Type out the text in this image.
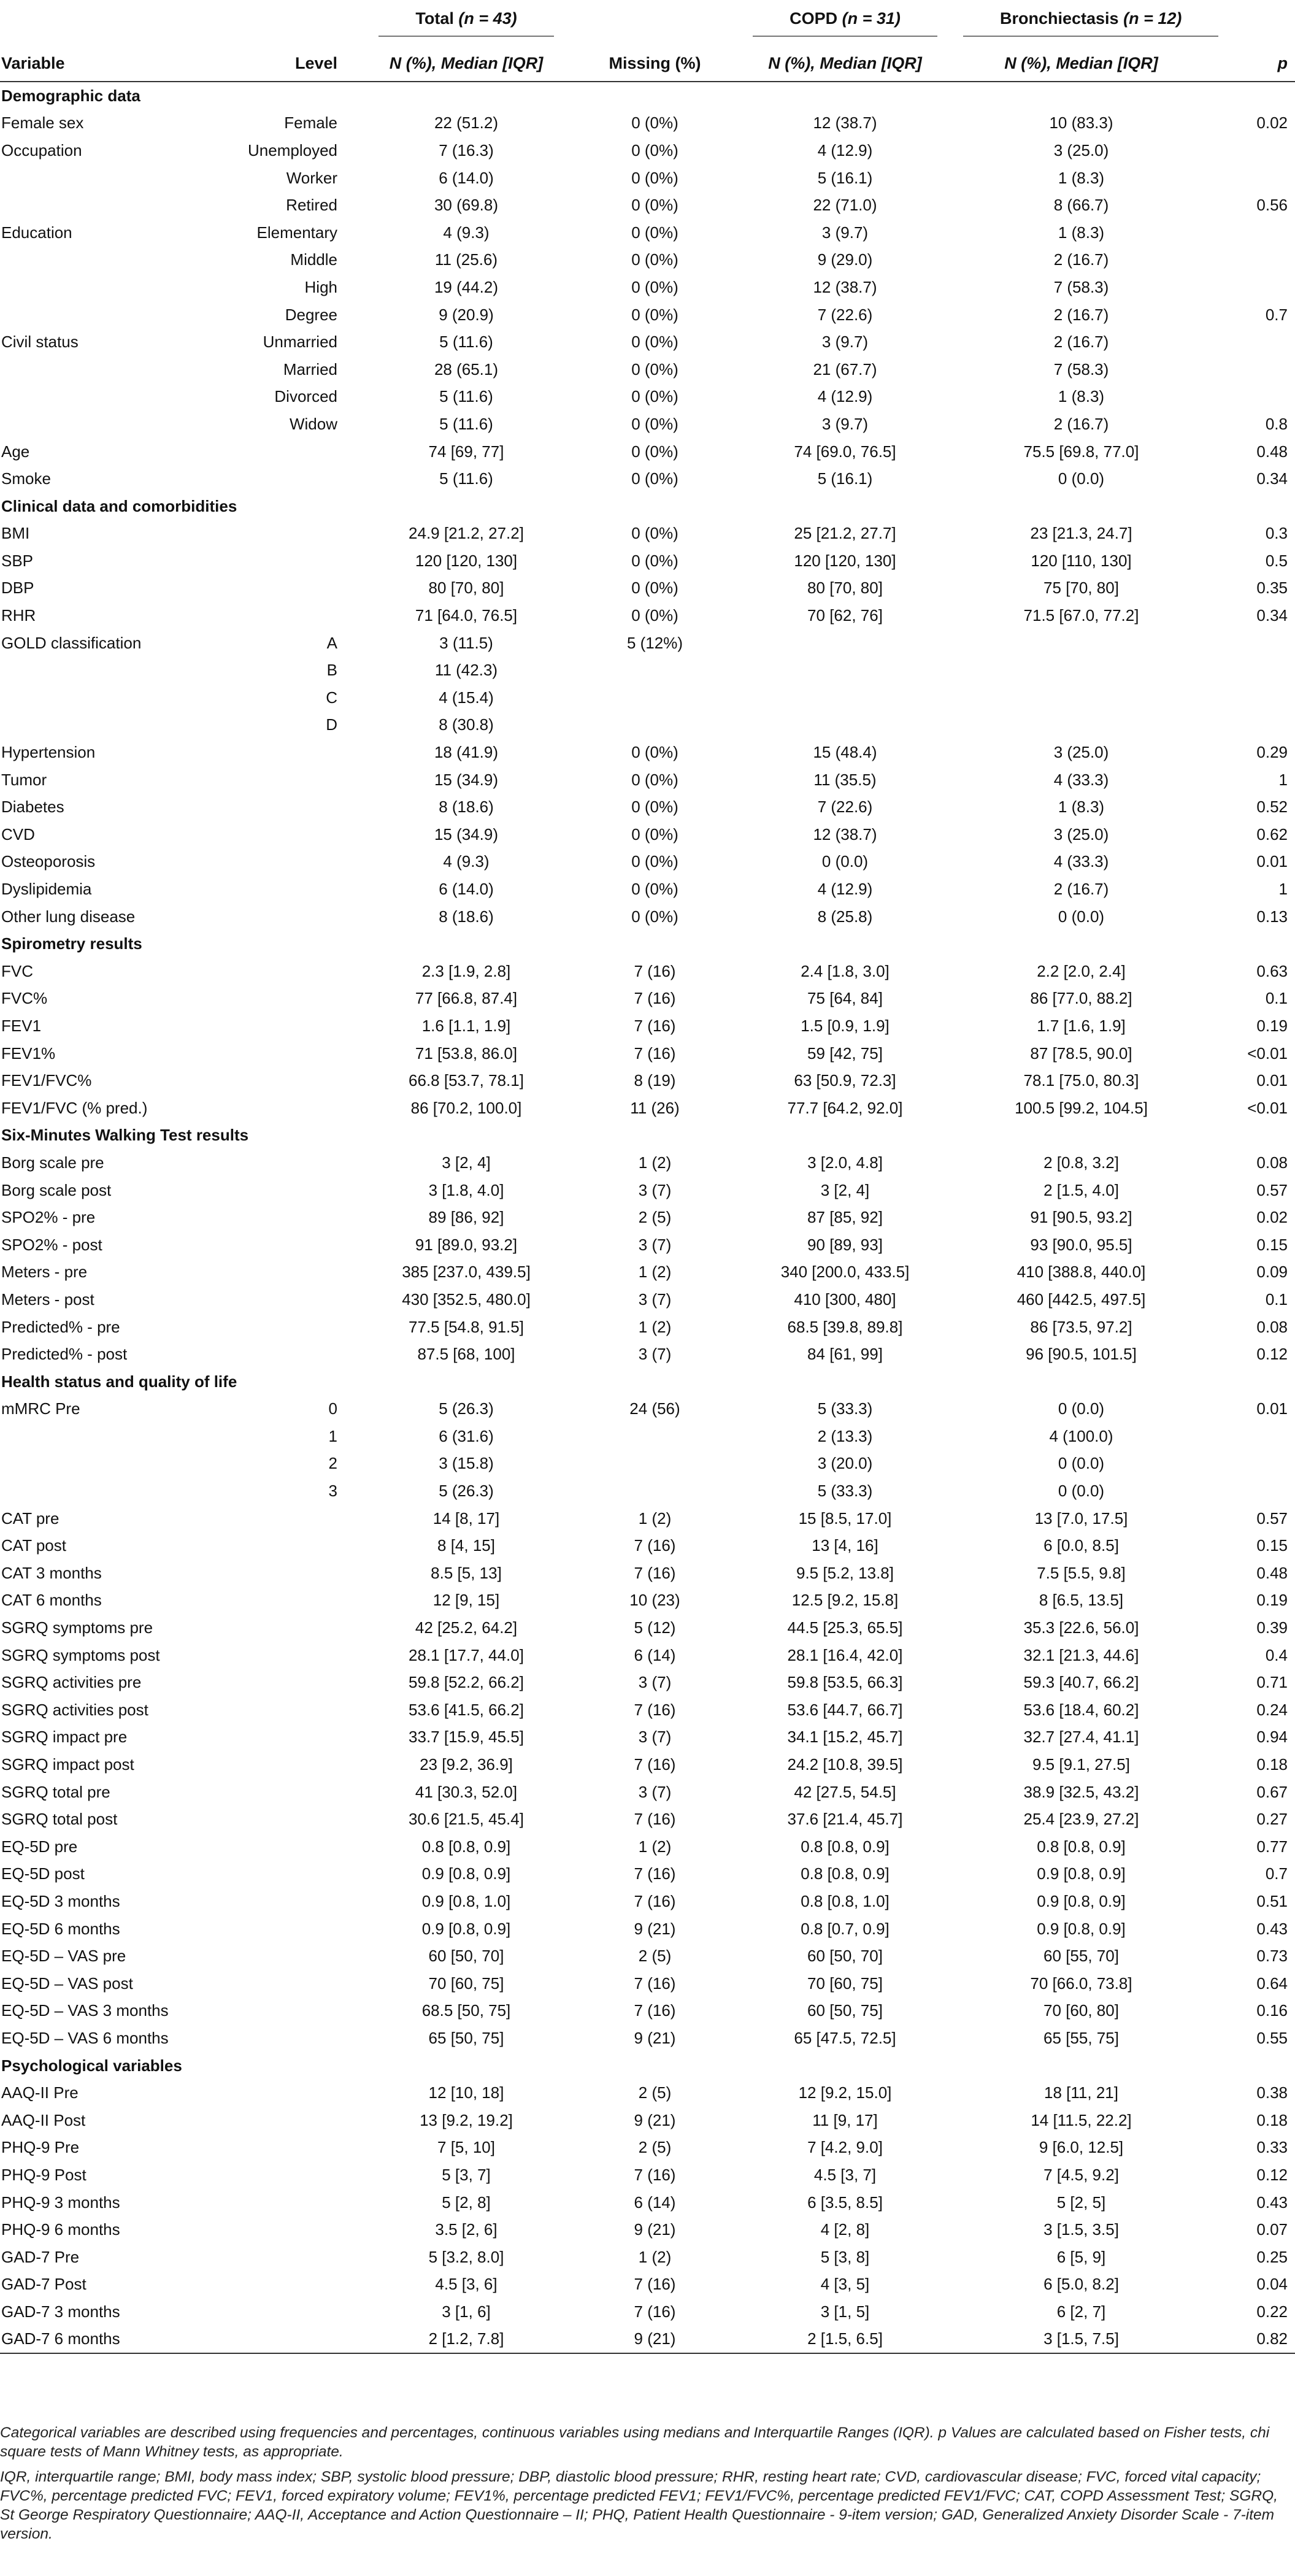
		Total (n = 43)		COPD (n = 31)	Bronchiectasis (n = 12)	
Variable	Level	N (%), Median [IQR]	Missing (%)	N (%), Median [IQR]	N (%), Median [IQR]	p
Demographic data						
Female sex	Female	22 (51.2)	0 (0%)	12 (38.7)	10 (83.3)	0.02
Occupation	Unemployed	7 (16.3)	0 (0%)	4 (12.9)	3 (25.0)	
	Worker	6 (14.0)	0 (0%)	5 (16.1)	1 (8.3)	
	Retired	30 (69.8)	0 (0%)	22 (71.0)	8 (66.7)	0.56
Education	Elementary	4 (9.3)	0 (0%)	3 (9.7)	1 (8.3)	
	Middle	11 (25.6)	0 (0%)	9 (29.0)	2 (16.7)	
	High	19 (44.2)	0 (0%)	12 (38.7)	7 (58.3)	
	Degree	9 (20.9)	0 (0%)	7 (22.6)	2 (16.7)	0.7
Civil status	Unmarried	5 (11.6)	0 (0%)	3 (9.7)	2 (16.7)	
	Married	28 (65.1)	0 (0%)	21 (67.7)	7 (58.3)	
	Divorced	5 (11.6)	0 (0%)	4 (12.9)	1 (8.3)	
	Widow	5 (11.6)	0 (0%)	3 (9.7)	2 (16.7)	0.8
Age		74 [69, 77]	0 (0%)	74 [69.0, 76.5]	75.5 [69.8, 77.0]	0.48
Smoke		5 (11.6)	0 (0%)	5 (16.1)	0 (0.0)	0.34
Clinical data and comorbidities						
BMI		24.9 [21.2, 27.2]	0 (0%)	25 [21.2, 27.7]	23 [21.3, 24.7]	0.3
SBP		120 [120, 130]	0 (0%)	120 [120, 130]	120 [110, 130]	0.5
DBP		80 [70, 80]	0 (0%)	80 [70, 80]	75 [70, 80]	0.35
RHR		71 [64.0, 76.5]	0 (0%)	70 [62, 76]	71.5 [67.0, 77.2]	0.34
GOLD classification	A	3 (11.5)	5 (12%)			
	B	11 (42.3)				
	C	4 (15.4)				
	D	8 (30.8)				
Hypertension		18 (41.9)	0 (0%)	15 (48.4)	3 (25.0)	0.29
Tumor		15 (34.9)	0 (0%)	11 (35.5)	4 (33.3)	1
Diabetes		8 (18.6)	0 (0%)	7 (22.6)	1 (8.3)	0.52
CVD		15 (34.9)	0 (0%)	12 (38.7)	3 (25.0)	0.62
Osteoporosis		4 (9.3)	0 (0%)	0 (0.0)	4 (33.3)	0.01
Dyslipidemia		6 (14.0)	0 (0%)	4 (12.9)	2 (16.7)	1
Other lung disease		8 (18.6)	0 (0%)	8 (25.8)	0 (0.0)	0.13
Spirometry results						
FVC		2.3 [1.9, 2.8]	7 (16)	2.4 [1.8, 3.0]	2.2 [2.0, 2.4]	0.63
FVC%		77 [66.8, 87.4]	7 (16)	75 [64, 84]	86 [77.0, 88.2]	0.1
FEV1		1.6 [1.1, 1.9]	7 (16)	1.5 [0.9, 1.9]	1.7 [1.6, 1.9]	0.19
FEV1%		71 [53.8, 86.0]	7 (16)	59 [42, 75]	87 [78.5, 90.0]	<0.01
FEV1/FVC%		66.8 [53.7, 78.1]	8 (19)	63 [50.9, 72.3]	78.1 [75.0, 80.3]	0.01
FEV1/FVC (% pred.)		86 [70.2, 100.0]	11 (26)	77.7 [64.2, 92.0]	100.5 [99.2, 104.5]	<0.01
Six-Minutes Walking Test results						
Borg scale pre		3 [2, 4]	1 (2)	3 [2.0, 4.8]	2 [0.8, 3.2]	0.08
Borg scale post		3 [1.8, 4.0]	3 (7)	3 [2, 4]	2 [1.5, 4.0]	0.57
SPO2% - pre		89 [86, 92]	2 (5)	87 [85, 92]	91 [90.5, 93.2]	0.02
SPO2% - post		91 [89.0, 93.2]	3 (7)	90 [89, 93]	93 [90.0, 95.5]	0.15
Meters - pre		385 [237.0, 439.5]	1 (2)	340 [200.0, 433.5]	410 [388.8, 440.0]	0.09
Meters - post		430 [352.5, 480.0]	3 (7)	410 [300, 480]	460 [442.5, 497.5]	0.1
Predicted% - pre		77.5 [54.8, 91.5]	1 (2)	68.5 [39.8, 89.8]	86 [73.5, 97.2]	0.08
Predicted% - post		87.5 [68, 100]	3 (7)	84 [61, 99]	96 [90.5, 101.5]	0.12
Health status and quality of life						
mMRC Pre	0	5 (26.3)	24 (56)	5 (33.3)	0 (0.0)	0.01
	1	6 (31.6)		2 (13.3)	4 (100.0)	
	2	3 (15.8)		3 (20.0)	0 (0.0)	
	3	5 (26.3)		5 (33.3)	0 (0.0)	
CAT pre		14 [8, 17]	1 (2)	15 [8.5, 17.0]	13 [7.0, 17.5]	0.57
CAT post		8 [4, 15]	7 (16)	13 [4, 16]	6 [0.0, 8.5]	0.15
CAT 3 months		8.5 [5, 13]	7 (16)	9.5 [5.2, 13.8]	7.5 [5.5, 9.8]	0.48
CAT 6 months		12 [9, 15]	10 (23)	12.5 [9.2, 15.8]	8 [6.5, 13.5]	0.19
SGRQ symptoms pre		42 [25.2, 64.2]	5 (12)	44.5 [25.3, 65.5]	35.3 [22.6, 56.0]	0.39
SGRQ symptoms post		28.1 [17.7, 44.0]	6 (14)	28.1 [16.4, 42.0]	32.1 [21.3, 44.6]	0.4
SGRQ activities pre		59.8 [52.2, 66.2]	3 (7)	59.8 [53.5, 66.3]	59.3 [40.7, 66.2]	0.71
SGRQ activities post		53.6 [41.5, 66.2]	7 (16)	53.6 [44.7, 66.7]	53.6 [18.4, 60.2]	0.24
SGRQ impact pre		33.7 [15.9, 45.5]	3 (7)	34.1 [15.2, 45.7]	32.7 [27.4, 41.1]	0.94
SGRQ impact post		23 [9.2, 36.9]	7 (16)	24.2 [10.8, 39.5]	9.5 [9.1, 27.5]	0.18
SGRQ total pre		41 [30.3, 52.0]	3 (7)	42 [27.5, 54.5]	38.9 [32.5, 43.2]	0.67
SGRQ total post		30.6 [21.5, 45.4]	7 (16)	37.6 [21.4, 45.7]	25.4 [23.9, 27.2]	0.27
EQ-5D pre		0.8 [0.8, 0.9]	1 (2)	0.8 [0.8, 0.9]	0.8 [0.8, 0.9]	0.77
EQ-5D post		0.9 [0.8, 0.9]	7 (16)	0.8 [0.8, 0.9]	0.9 [0.8, 0.9]	0.7
EQ-5D 3 months		0.9 [0.8, 1.0]	7 (16)	0.8 [0.8, 1.0]	0.9 [0.8, 0.9]	0.51
EQ-5D 6 months		0.9 [0.8, 0.9]	9 (21)	0.8 [0.7, 0.9]	0.9 [0.8, 0.9]	0.43
EQ-5D – VAS pre		60 [50, 70]	2 (5)	60 [50, 70]	60 [55, 70]	0.73
EQ-5D – VAS post		70 [60, 75]	7 (16)	70 [60, 75]	70 [66.0, 73.8]	0.64
EQ-5D – VAS 3 months		68.5 [50, 75]	7 (16)	60 [50, 75]	70 [60, 80]	0.16
EQ-5D – VAS 6 months		65 [50, 75]	9 (21)	65 [47.5, 72.5]	65 [55, 75]	0.55
Psychological variables						
AAQ-II Pre		12 [10, 18]	2 (5)	12 [9.2, 15.0]	18 [11, 21]	0.38
AAQ-II Post		13 [9.2, 19.2]	9 (21)	11 [9, 17]	14 [11.5, 22.2]	0.18
PHQ-9 Pre		7 [5, 10]	2 (5)	7 [4.2, 9.0]	9 [6.0, 12.5]	0.33
PHQ-9 Post		5 [3, 7]	7 (16)	4.5 [3, 7]	7 [4.5, 9.2]	0.12
PHQ-9 3 months		5 [2, 8]	6 (14)	6 [3.5, 8.5]	5 [2, 5]	0.43
PHQ-9 6 months		3.5 [2, 6]	9 (21)	4 [2, 8]	3 [1.5, 3.5]	0.07
GAD-7 Pre		5 [3.2, 8.0]	1 (2)	5 [3, 8]	6 [5, 9]	0.25
GAD-7 Post		4.5 [3, 6]	7 (16)	4 [3, 5]	6 [5.0, 8.2]	0.04
GAD-7 3 months		3 [1, 6]	7 (16)	3 [1, 5]	6 [2, 7]	0.22
GAD-7 6 months		2 [1.2, 7.8]	9 (21)	2 [1.5, 6.5]	3 [1.5, 7.5]	0.82

Categorical variables are described using frequencies and percentages, continuous variables using medians and Interquartile Ranges (IQR). p Values are calculated based on Fisher tests, chi square tests of Mann Whitney tests, as appropriate.

IQR, interquartile range; BMI, body mass index; SBP, systolic blood pressure; DBP, diastolic blood pressure; RHR, resting heart rate; CVD, cardiovascular disease; FVC, forced vital capacity; FVC%, percentage predicted FVC; FEV1, forced expiratory volume; FEV1%, percentage predicted FEV1; FEV1/FVC%, percentage predicted FEV1/FVC; CAT, COPD Assessment Test; SGRQ, St George Respiratory Questionnaire; AAQ-II, Acceptance and Action Questionnaire – II; PHQ, Patient Health Questionnaire - 9-item version; GAD, Generalized Anxiety Disorder Scale - 7-item version.
